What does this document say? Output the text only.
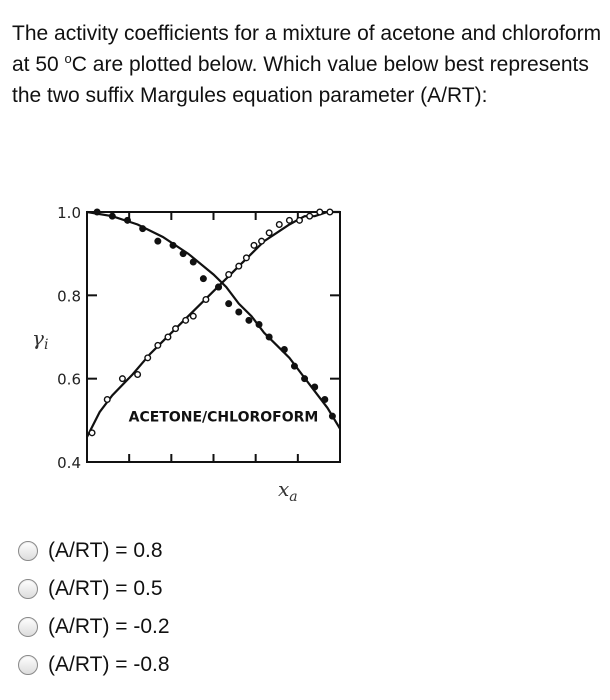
The activity coefficients for a mixture of acetone and chloroform at 50 $^o$C are plotted below. Which value below best represents the two suffix Margules equation parameter (A/RT):

0.4
0.6
0.8
1.0
ACETONE/CHLOROFORM
$\gamma_i$
$x_a$
(A/RT) = 0.8
(A/RT) = 0.5
(A/RT) = -0.2
(A/RT) = -0.8
